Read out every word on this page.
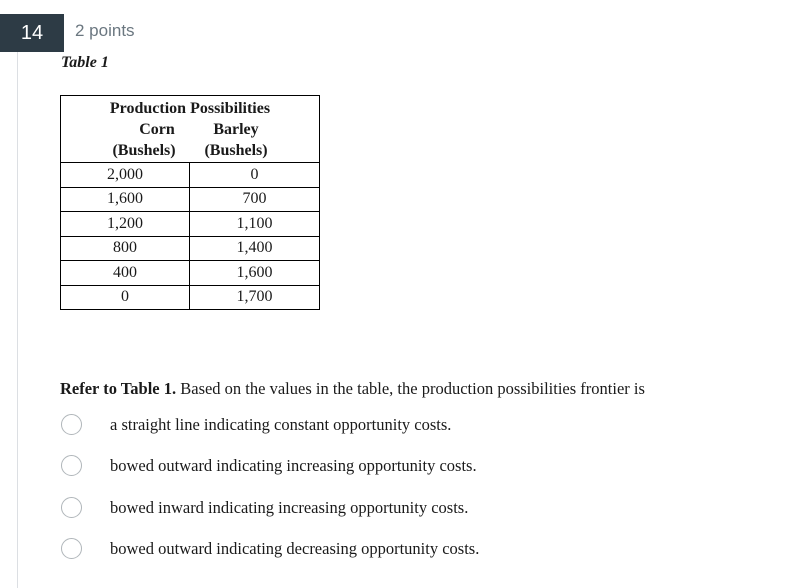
14	2 points
Table 1
Production Possibilities
Corn Barley
(Bushels) (Bushels)	

2,000	0
1,600	700
1,200	1,100
800	1,400
400	1,600
0	1,700
Refer to Table 1. Based on the values in the table, the production possibilities frontier is
a straight line indicating constant opportunity costs.
bowed outward indicating increasing opportunity costs.
bowed inward indicating increasing opportunity costs.
bowed outward indicating decreasing opportunity costs.
